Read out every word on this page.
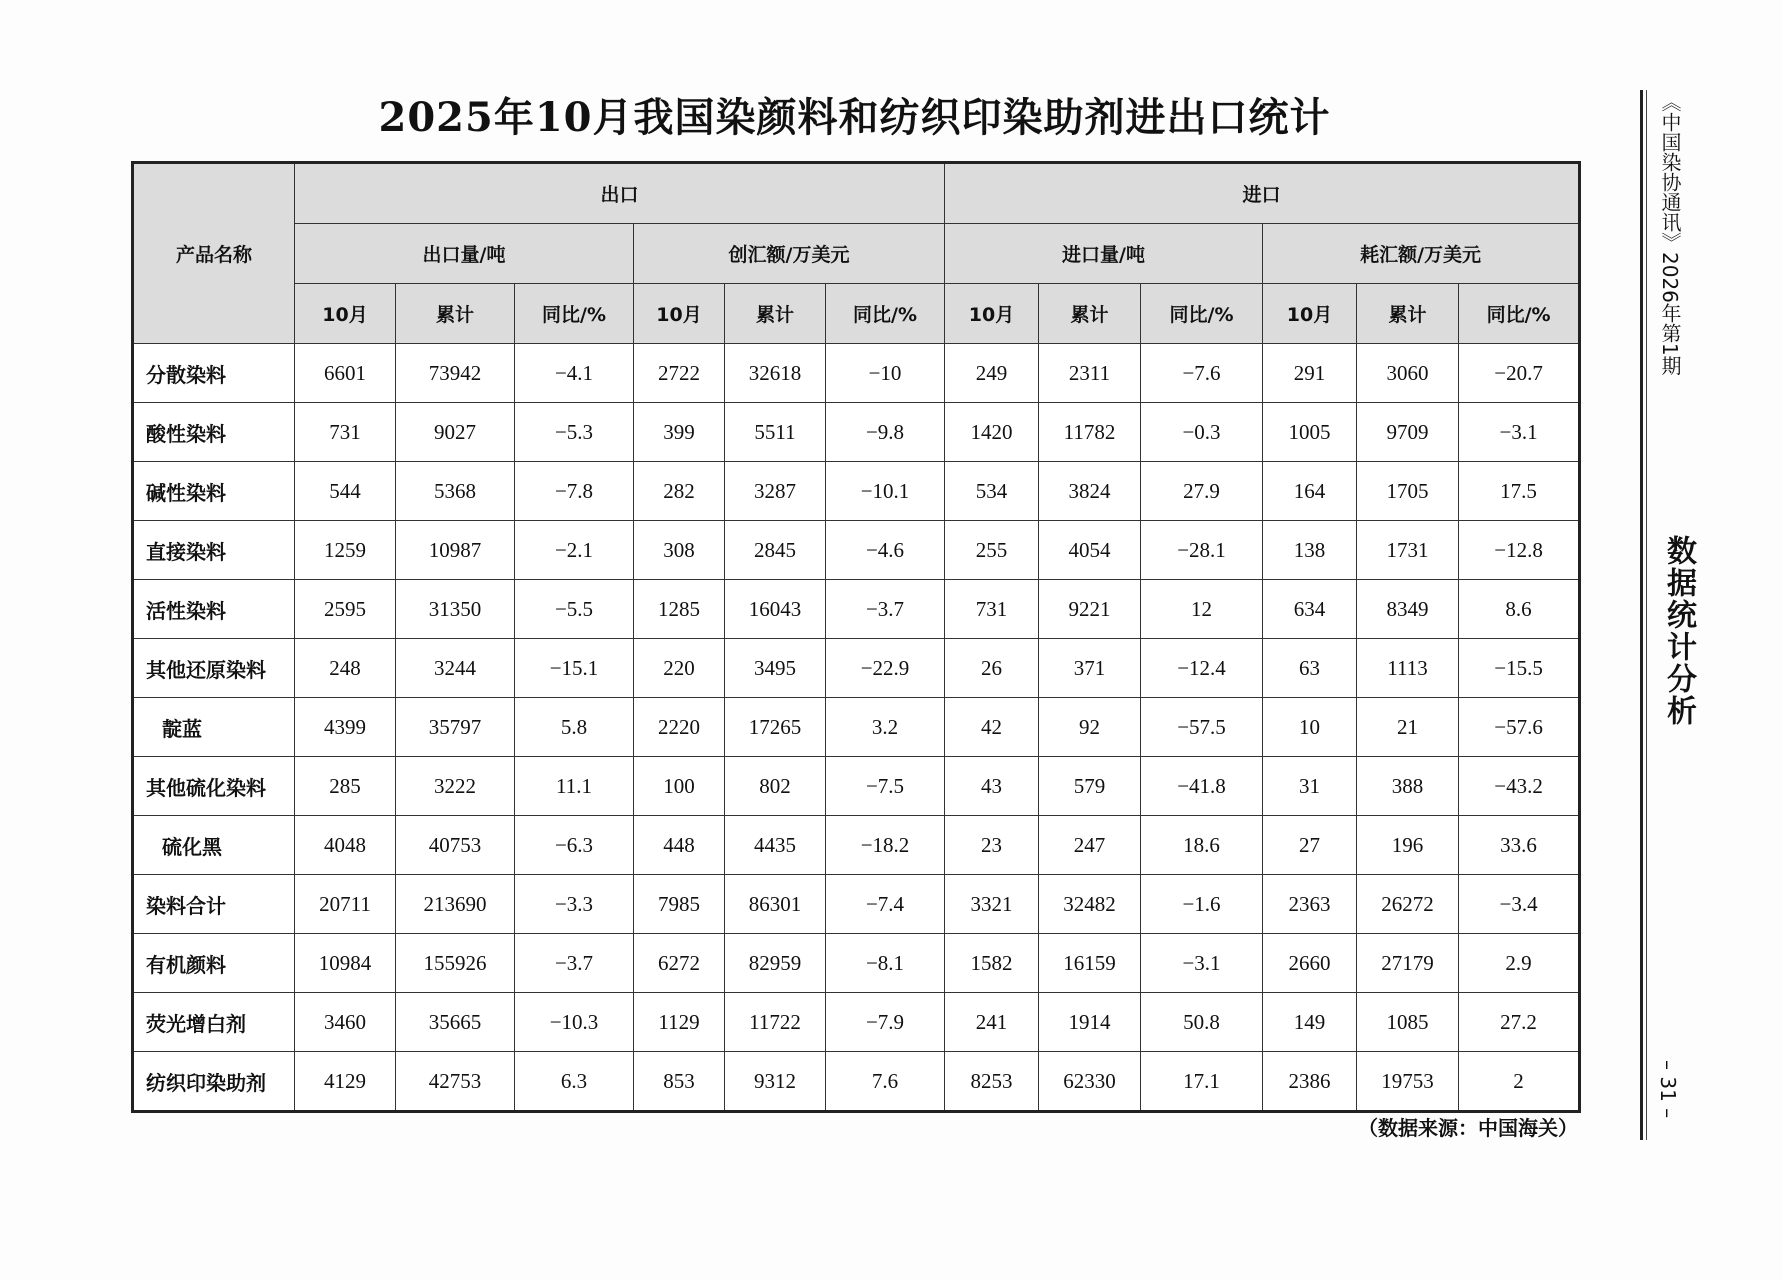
2025年10月我国染颜料和纺织印染助剂进出口统计
产品名称	出口						进口					
	出口量/吨			创汇额/万美元			进口量/吨			耗汇额/万美元		
	10月	累计	同比/%	10月	累计	同比/%	10月	累计	同比/%	10月	累计	同比/%
分散染料	6601	73942	−4.1	2722	32618	−10	249	2311	−7.6	291	3060	−20.7
酸性染料	731	9027	−5.3	399	5511	−9.8	1420	11782	−0.3	1005	9709	−3.1
碱性染料	544	5368	−7.8	282	3287	−10.1	534	3824	27.9	164	1705	17.5
直接染料	1259	10987	−2.1	308	2845	−4.6	255	4054	−28.1	138	1731	−12.8
活性染料	2595	31350	−5.5	1285	16043	−3.7	731	9221	12	634	8349	8.6
其他还原染料	248	3244	−15.1	220	3495	−22.9	26	371	−12.4	63	1113	−15.5
靛蓝	4399	35797	5.8	2220	17265	3.2	42	92	−57.5	10	21	−57.6
其他硫化染料	285	3222	11.1	100	802	−7.5	43	579	−41.8	31	388	−43.2
硫化黑	4048	40753	−6.3	448	4435	−18.2	23	247	18.6	27	196	33.6
染料合计	20711	213690	−3.3	7985	86301	−7.4	3321	32482	−1.6	2363	26272	−3.4
有机颜料	10984	155926	−3.7	6272	82959	−8.1	1582	16159	−3.1	2660	27179	2.9
荧光增白剂	3460	35665	−10.3	1129	11722	−7.9	241	1914	50.8	149	1085	27.2
纺织印染助剂	4129	42753	6.3	853	9312	7.6	8253	62330	17.1	2386	19753	2
（数据来源：中国海关）
《中国染协通讯》2026年第1期
数据统计分析
– 31 –
